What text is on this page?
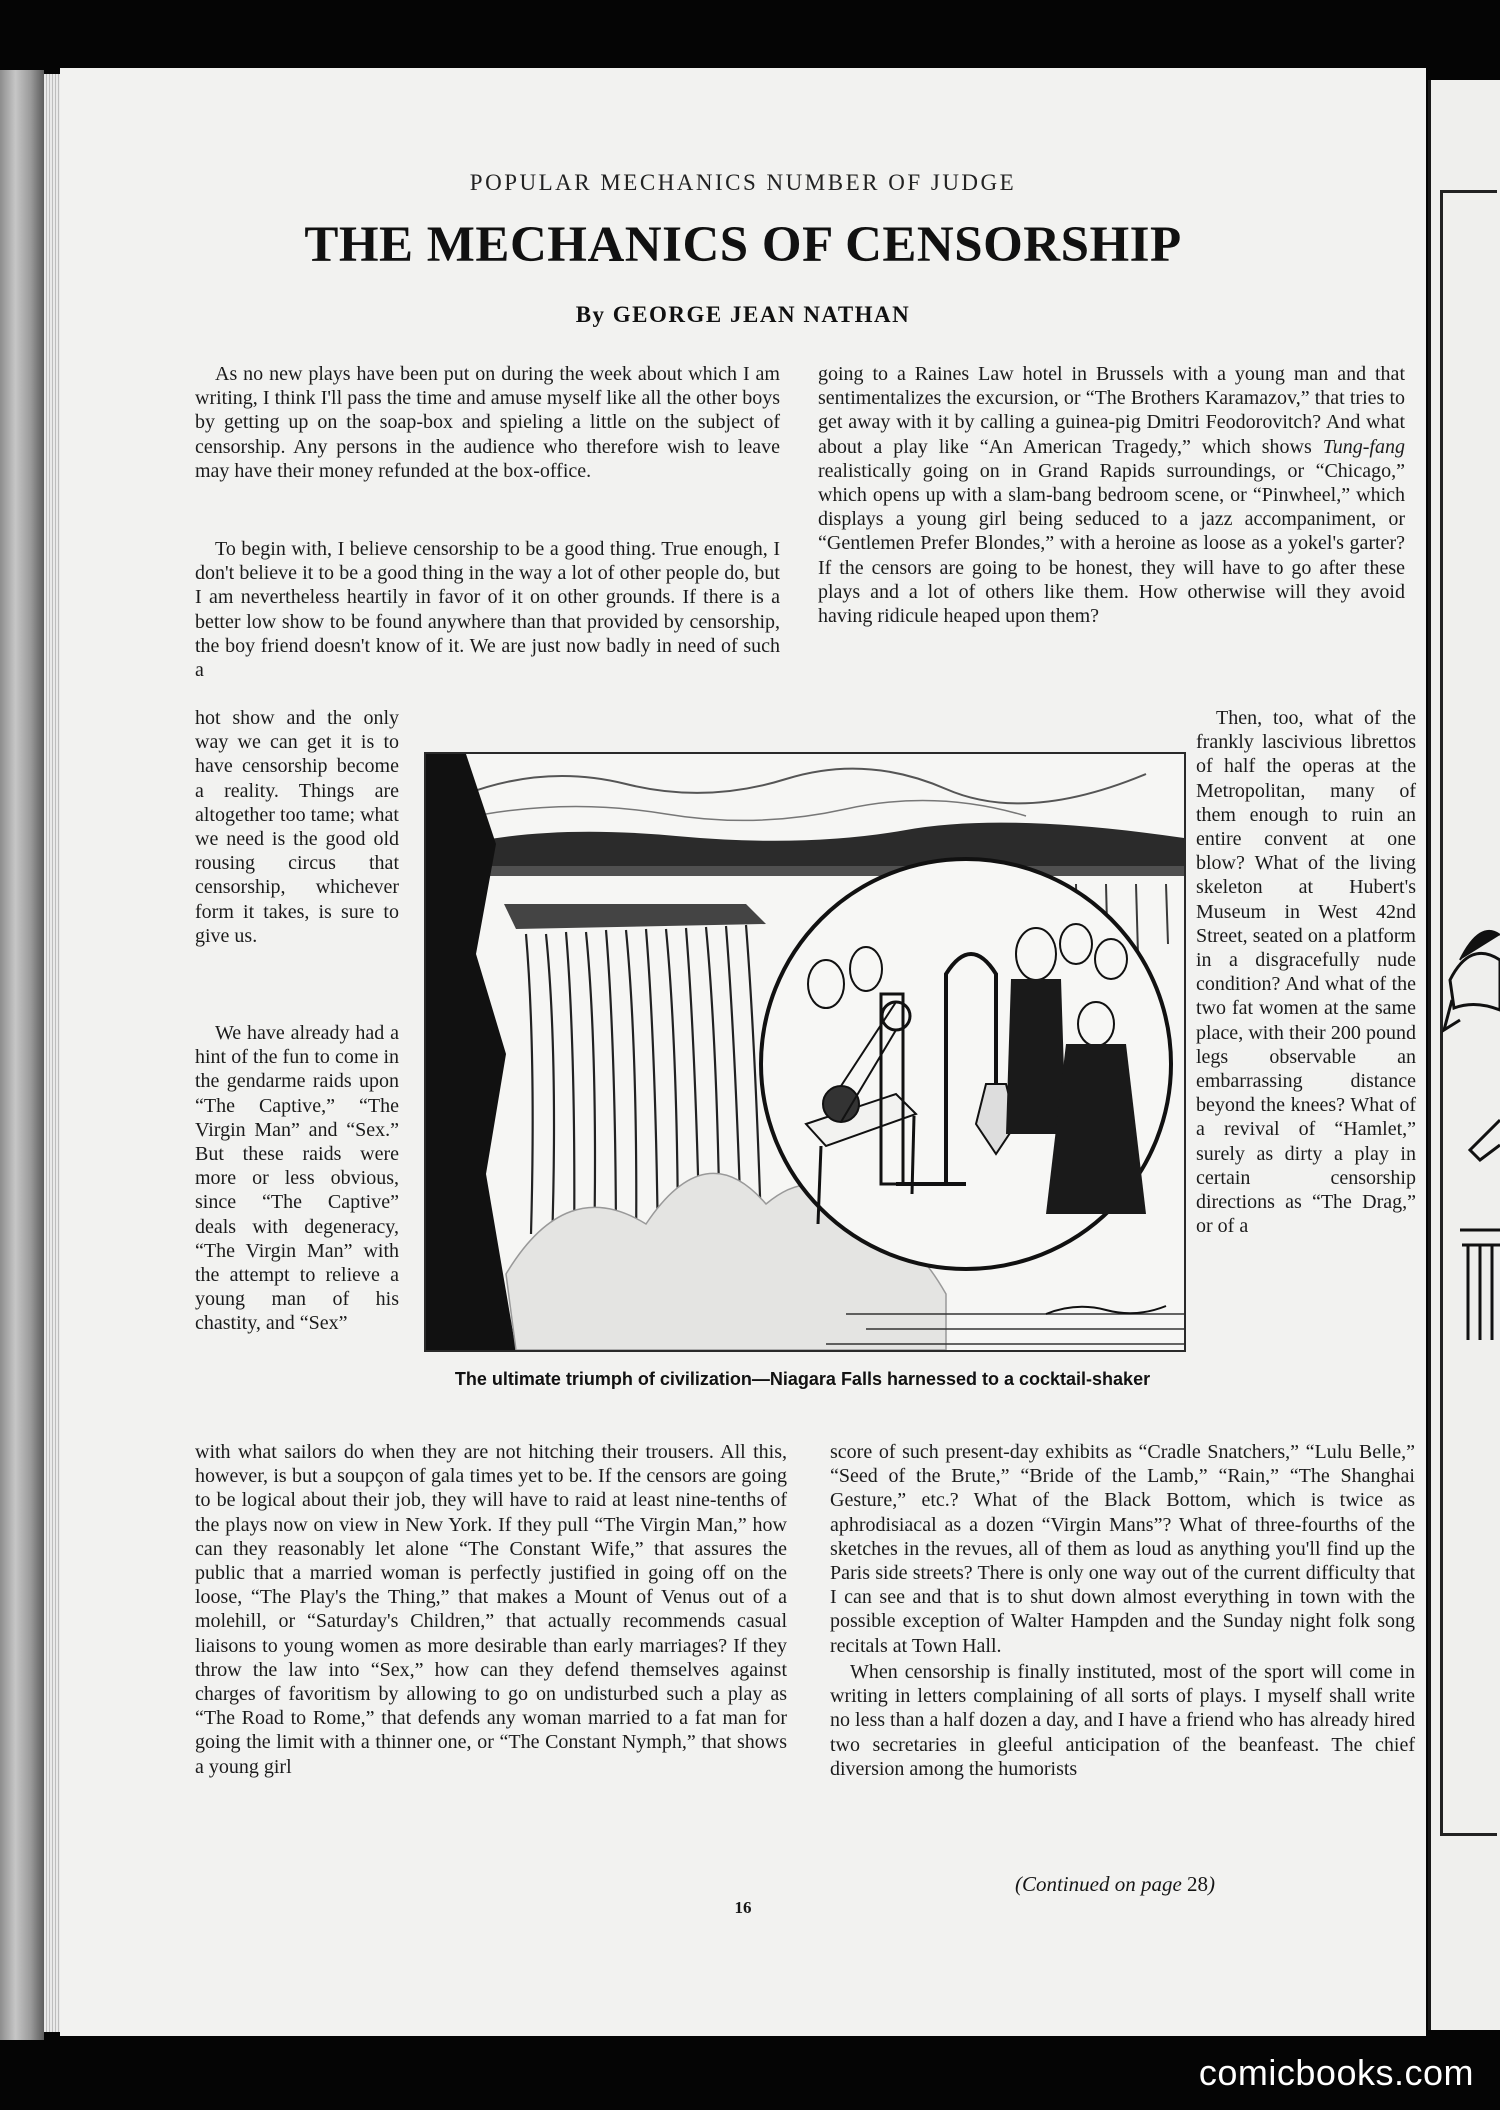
POPULAR MECHANICS NUMBER OF JUDGE
THE MECHANICS OF CENSORSHIP
By GEORGE JEAN NATHAN

As no new plays have been put on during the week about which I am writing, I think I'll pass the time and amuse myself like all the other boys by getting up on the soap-box and spieling a little on the subject of censorship. Any persons in the audience who therefore wish to leave may have their money refunded at the box-office.

To begin with, I believe censorship to be a good thing. True enough, I don't believe it to be a good thing in the way a lot of other people do, but I am nevertheless heartily in favor of it on other grounds. If there is a better low show to be found anywhere than that provided by censorship, the boy friend doesn't know of it. We are just now badly in need of such a

hot show and the only way we can get it is to have censorship become a reality. Things are altogether too tame; what we need is the good old rousing circus that censorship, whichever form it takes, is sure to give us.

We have already had a hint of the fun to come in the gendarme raids upon “The Captive,” “The Virgin Man” and “Sex.” But these raids were more or less obvious, since “The Captive” deals with degeneracy, “The Virgin Man” with the attempt to relieve a young man of his chastity, and “Sex”

with what sailors do when they are not hitching their trousers. All this, however, is but a soupçon of gala times yet to be. If the censors are going to be logical about their job, they will have to raid at least nine-tenths of the plays now on view in New York. If they pull “The Virgin Man,” how can they reasonably let alone “The Constant Wife,” that assures the public that a married woman is perfectly justified in going off on the loose, “The Play's the Thing,” that makes a Mount of Venus out of a molehill, or “Saturday's Children,” that actually recommends casual liaisons to young women as more desirable than early marriages? If they throw the law into “Sex,” how can they defend themselves against charges of favoritism by allowing to go on undisturbed such a play as “The Road to Rome,” that defends any woman married to a fat man for going the limit with a thinner one, or “The Constant Nymph,” that shows a young girl

going to a Raines Law hotel in Brussels with a young man and that sentimentalizes the excursion, or “The Brothers Karamazov,” that tries to get away with it by calling a guinea-pig Dmitri Feodorovitch? And what about a play like “An American Tragedy,” which shows Tung-fang realistically going on in Grand Rapids surroundings, or “Chicago,” which opens up with a slam-bang bedroom scene, or “Pinwheel,” which displays a young girl being seduced to a jazz accompaniment, or “Gentlemen Prefer Blondes,” with a heroine as loose as a yokel's garter? If the censors are going to be honest, they will have to go after these plays and a lot of others like them. How otherwise will they avoid having ridicule heaped upon them?

Then, too, what of the frankly lascivious librettos of half the operas at the Metropolitan, many of them enough to ruin an entire convent at one blow? What of the living skeleton at Hubert's Museum in West 42nd Street, seated on a platform in a disgracefully nude condition? And what of the two fat women at the same place, with their 200 pound legs observable an embarrassing distance beyond the knees? What of a revival of “Hamlet,” surely as dirty a play in certain censorship directions as “The Drag,” or of a

score of such present-day exhibits as “Cradle Snatchers,” “Lulu Belle,” “Seed of the Brute,” “Bride of the Lamb,” “Rain,” “The Shanghai Gesture,” etc.? What of the Black Bottom, which is twice as aphrodisiacal as a dozen “Virgin Mans”? What of three-fourths of the sketches in the revues, all of them as loud as anything you'll find up the Paris side streets? There is only one way out of the current difficulty that I can see and that is to shut down almost everything in town with the possible exception of Walter Hampden and the Sunday night folk song recitals at Town Hall.

When censorship is finally instituted, most of the sport will come in writing in letters complaining of all sorts of plays. I myself shall write no less than a half dozen a day, and I have a friend who has already hired two secretaries in gleeful anticipation of the beanfeast. The chief diversion among the humorists

The ultimate triumph of civilization—Niagara Falls harnessed to a cocktail-shaker
(Continued on page 28)
16
comicbooks.com
